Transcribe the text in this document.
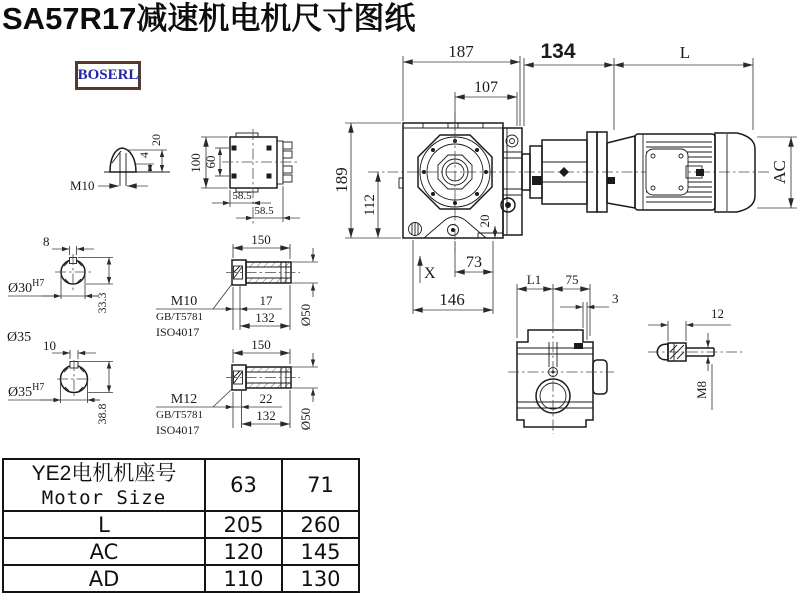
SA57R17减速机电机尺寸图纸
BOSERL
187
107
189
112
20
X
73
146
134	L
AC
M10
4
20
100 60
58.5
58.5
8
$Ø30^{H7}$
33.3
Ø35
10
$Ø35^{H7}$
38.8
150
17
132 Ø50
M10
GB/T5781
ISO4017
150
22
132 Ø50
M12
GB/T5781
ISO4017
L1 75
3
12
M8
YE2电机机座号
Motor Size	63	71
L	205	260
AC	120	145
AD	110	130
